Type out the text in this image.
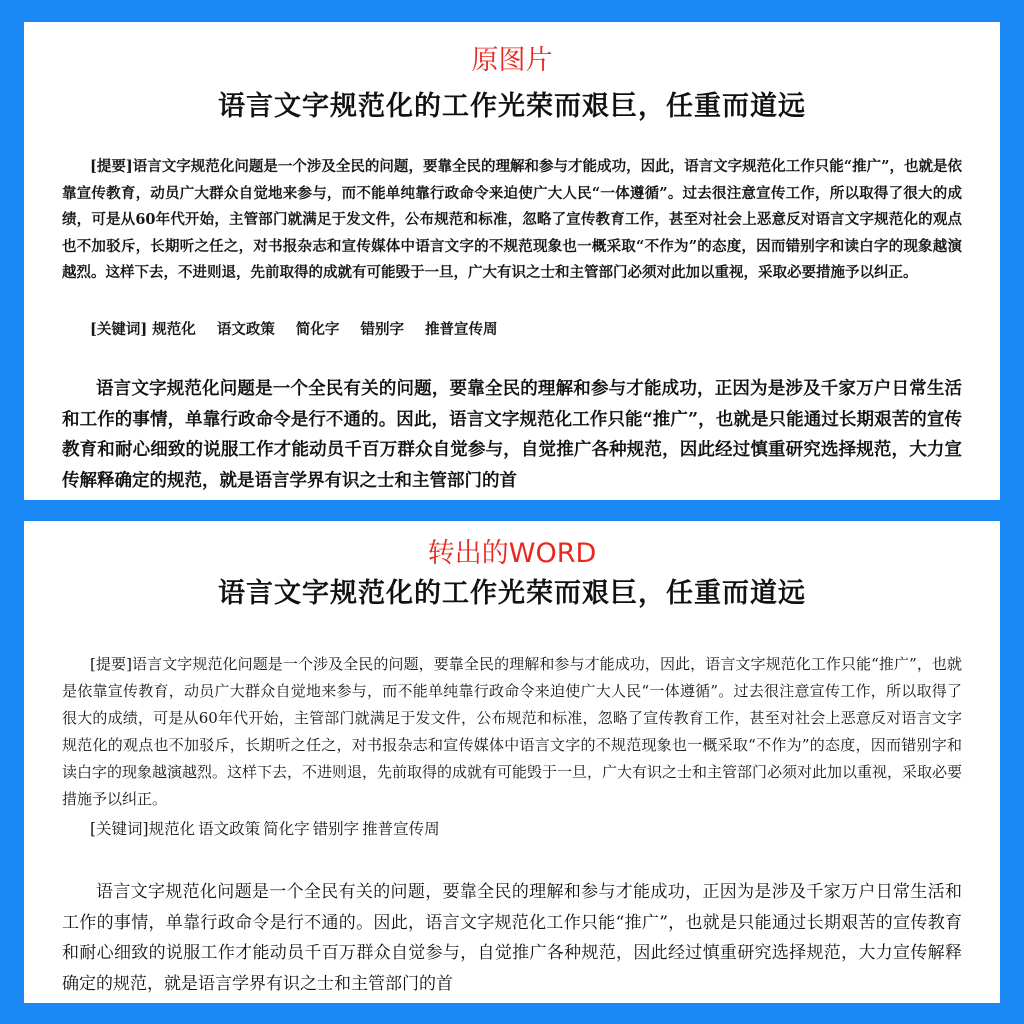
原图片
语言文字规范化的工作光荣而艰巨，任重而道远
[提要]语言文字规范化问题是一个涉及全民的问题，要靠全民的理解和参与才能成功，因此，语言文字规范化工作只能“推广”，也就是依靠宣传教育，动员广大群众自觉地来参与，而不能单纯靠行政命令来迫使广大人民“一体遵循”。过去很注意宣传工作，所以取得了很大的成绩，可是从60年代开始，主管部门就满足于发文件，公布规范和标准，忽略了宣传教育工作，甚至对社会上恶意反对语言文字规范化的观点也不加驳斥，长期听之任之，对书报杂志和宣传媒体中语言文字的不规范现象也一概采取“不作为”的态度，因而错别字和读白字的现象越演越烈。这样下去，不进则退，先前取得的成就有可能毁于一旦，广大有识之士和主管部门必须对此加以重视，采取必要措施予以纠正。
[关键词] 规范化 语文政策 简化字 错别字 推普宣传周
语言文字规范化问题是一个全民有关的问题，要靠全民的理解和参与才能成功，正因为是涉及千家万户日常生活和工作的事情，单靠行政命令是行不通的。因此，语言文字规范化工作只能“推广”，也就是只能通过长期艰苦的宣传教育和耐心细致的说服工作才能动员千百万群众自觉参与，自觉推广各种规范，因此经过慎重研究选择规范，大力宣传解释确定的规范，就是语言学界有识之士和主管部门的首
转出的WORD
语言文字规范化的工作光荣而艰巨，任重而道远
[提要]语言文字规范化问题是一个涉及全民的问题，要靠全民的理解和参与才能成功，因此，语言文字规范化工作只能“推广”，也就是依靠宣传教育，动员广大群众自觉地来参与，而不能单纯靠行政命令来迫使广大人民“一体遵循”。过去很注意宣传工作，所以取得了很大的成绩，可是从60年代开始，主管部门就满足于发文件，公布规范和标准，忽略了宣传教育工作，甚至对社会上恶意反对语言文字规范化的观点也不加驳斥，长期听之任之，对书报杂志和宣传媒体中语言文字的不规范现象也一概采取“不作为”的态度，因而错别字和读白字的现象越演越烈。这样下去，不进则退，先前取得的成就有可能毁于一旦，广大有识之士和主管部门必须对此加以重视，采取必要措施予以纠正。
[关键词]规范化 语文政策 简化字 错别字 推普宣传周
语言文字规范化问题是一个全民有关的问题，要靠全民的理解和参与才能成功，正因为是涉及千家万户日常生活和工作的事情，单靠行政命令是行不通的。因此，语言文字规范化工作只能“推广”，也就是只能通过长期艰苦的宣传教育和耐心细致的说服工作才能动员千百万群众自觉参与，自觉推广各种规范，因此经过慎重研究选择规范，大力宣传解释确定的规范，就是语言学界有识之士和主管部门的首
